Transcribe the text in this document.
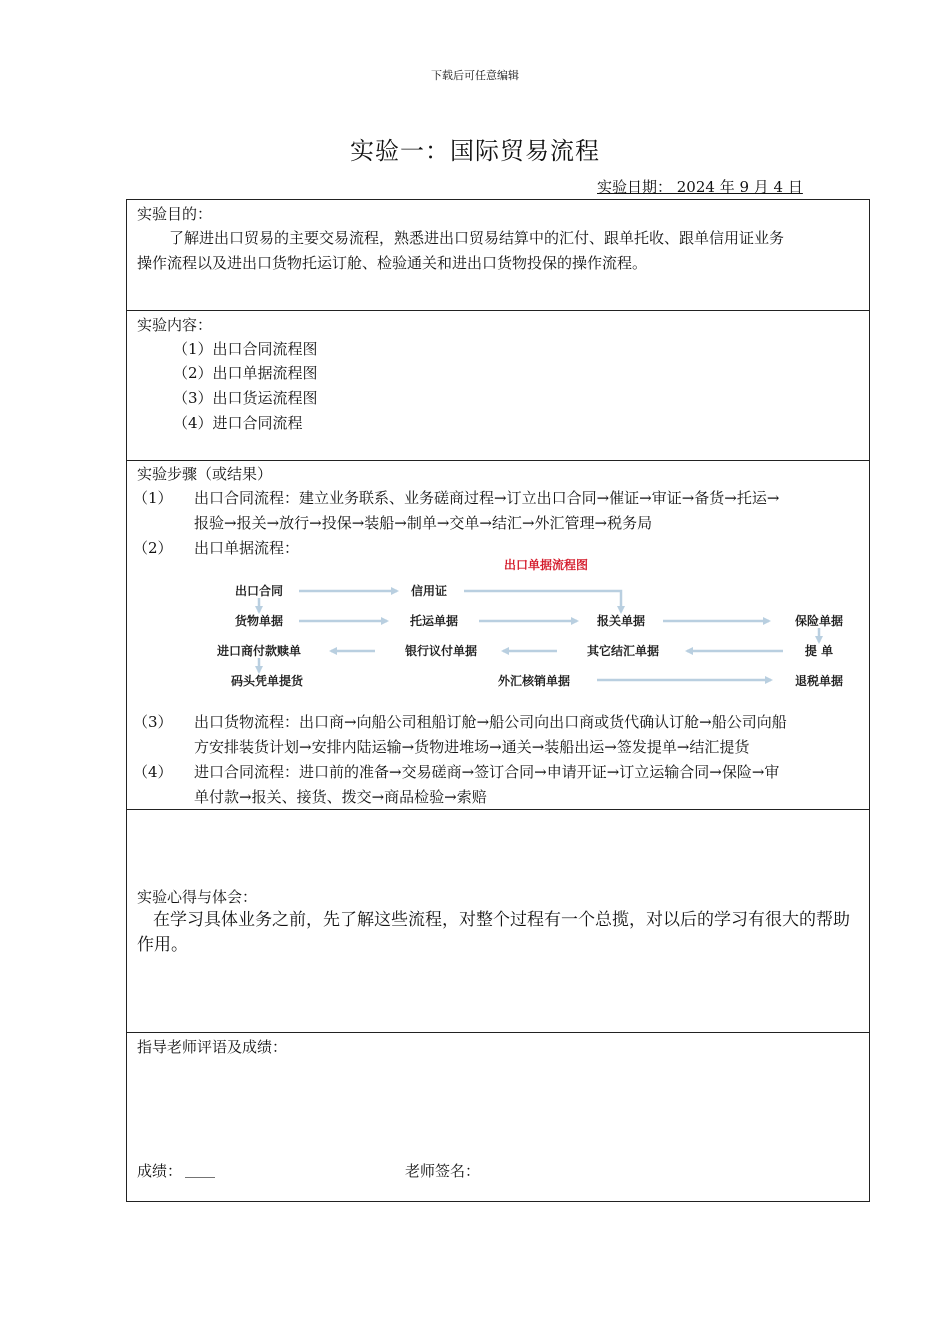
下载后可任意编辑
实验一：国际贸易流程
实验日期： 2024 年 9 月 4 日
实验目的：
了解进出口贸易的主要交易流程，熟悉进出口贸易结算中的汇付、跟单托收、跟单信用证业务
操作流程以及进出口货物托运订舱、检验通关和进出口货物投保的操作流程。
实验内容：
（1）出口合同流程图
（2）出口单据流程图
（3）出口货运流程图
（4）进口合同流程
实验步骤（或结果）
（1） 出口合同流程：建立业务联系、业务磋商过程→订立出口合同→催证→审证→备货→托运→
报验→报关→放行→投保→装船→制单→交单→结汇→外汇管理→税务局
（2） 出口单据流程：
出口单据流程图
出口合同	信用证
货物单据	托运单据	报关单据	保险单据
进口商付款赎单	银行议付单据	其它结汇单据	提 单
码头凭单提货	外汇核销单据	退税单据
（3） 出口货物流程：出口商→向船公司租船订舱→船公司向出口商或货代确认订舱→船公司向船
方安排装货计划→安排内陆运输→货物进堆场→通关→装船出运→签发提单→结汇提货
（4） 进口合同流程：进口前的准备→交易磋商→签订合同→申请开证→订立运输合同→保险→审
单付款→报关、接货、拨交→商品检验→索赔
实验心得与体会：
在学习具体业务之前，先了解这些流程，对整个过程有一个总揽，对以后的学习有很大的帮助作用。
指导老师评语及成绩：
成绩： ____	老师签名：
